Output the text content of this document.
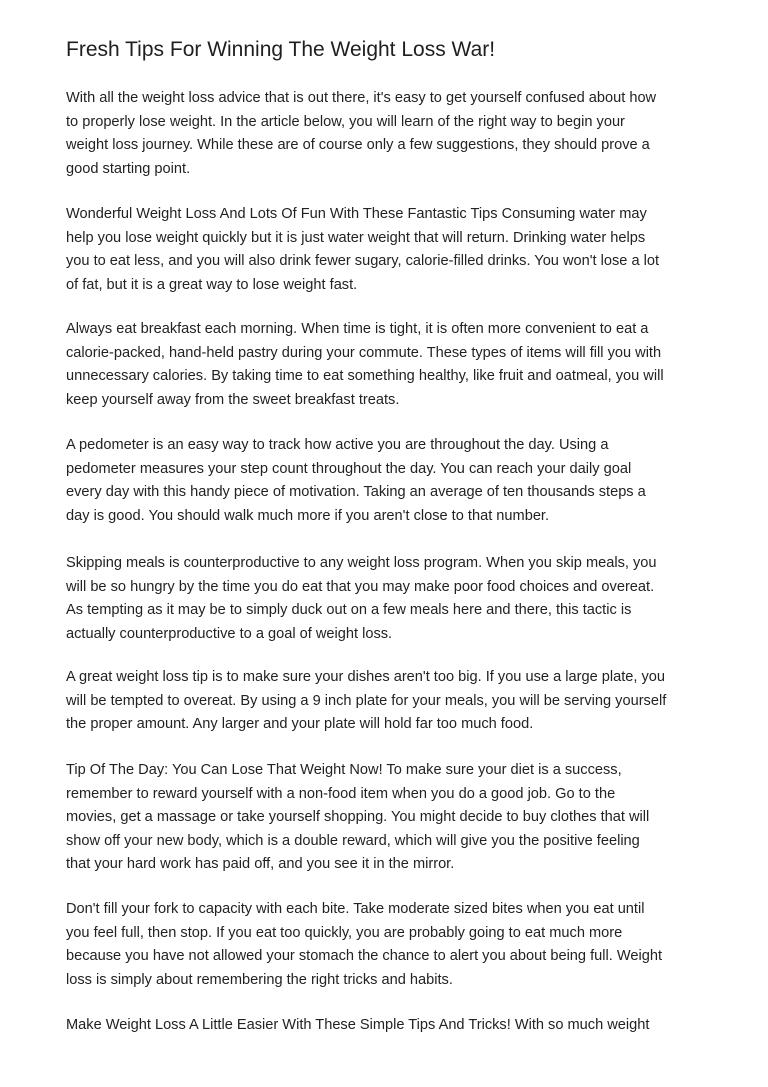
Fresh Tips For Winning The Weight Loss War!
With all the weight loss advice that is out there, it's easy to get yourself confused about how
to properly lose weight. In the article below, you will learn of the right way to begin your
weight loss journey. While these are of course only a few suggestions, they should prove a
good starting point.
Wonderful Weight Loss And Lots Of Fun With These Fantastic Tips Consuming water may
help you lose weight quickly but it is just water weight that will return. Drinking water helps
you to eat less, and you will also drink fewer sugary, calorie-filled drinks. You won't lose a lot
of fat, but it is a great way to lose weight fast.
Always eat breakfast each morning. When time is tight, it is often more convenient to eat a
calorie-packed, hand-held pastry during your commute. These types of items will fill you with
unnecessary calories. By taking time to eat something healthy, like fruit and oatmeal, you will
keep yourself away from the sweet breakfast treats.
A pedometer is an easy way to track how active you are throughout the day. Using a
pedometer measures your step count throughout the day. You can reach your daily goal
every day with this handy piece of motivation. Taking an average of ten thousands steps a
day is good. You should walk much more if you aren't close to that number.
Skipping meals is counterproductive to any weight loss program. When you skip meals, you
will be so hungry by the time you do eat that you may make poor food choices and overeat.
As tempting as it may be to simply duck out on a few meals here and there, this tactic is
actually counterproductive to a goal of weight loss.
A great weight loss tip is to make sure your dishes aren't too big. If you use a large plate, you
will be tempted to overeat. By using a 9 inch plate for your meals, you will be serving yourself
the proper amount. Any larger and your plate will hold far too much food.
Tip Of The Day: You Can Lose That Weight Now! To make sure your diet is a success,
remember to reward yourself with a non-food item when you do a good job. Go to the
movies, get a massage or take yourself shopping. You might decide to buy clothes that will
show off your new body, which is a double reward, which will give you the positive feeling
that your hard work has paid off, and you see it in the mirror.
Don't fill your fork to capacity with each bite. Take moderate sized bites when you eat until
you feel full, then stop. If you eat too quickly, you are probably going to eat much more
because you have not allowed your stomach the chance to alert you about being full. Weight
loss is simply about remembering the right tricks and habits.
Make Weight Loss A Little Easier With These Simple Tips And Tricks! With so much weight
